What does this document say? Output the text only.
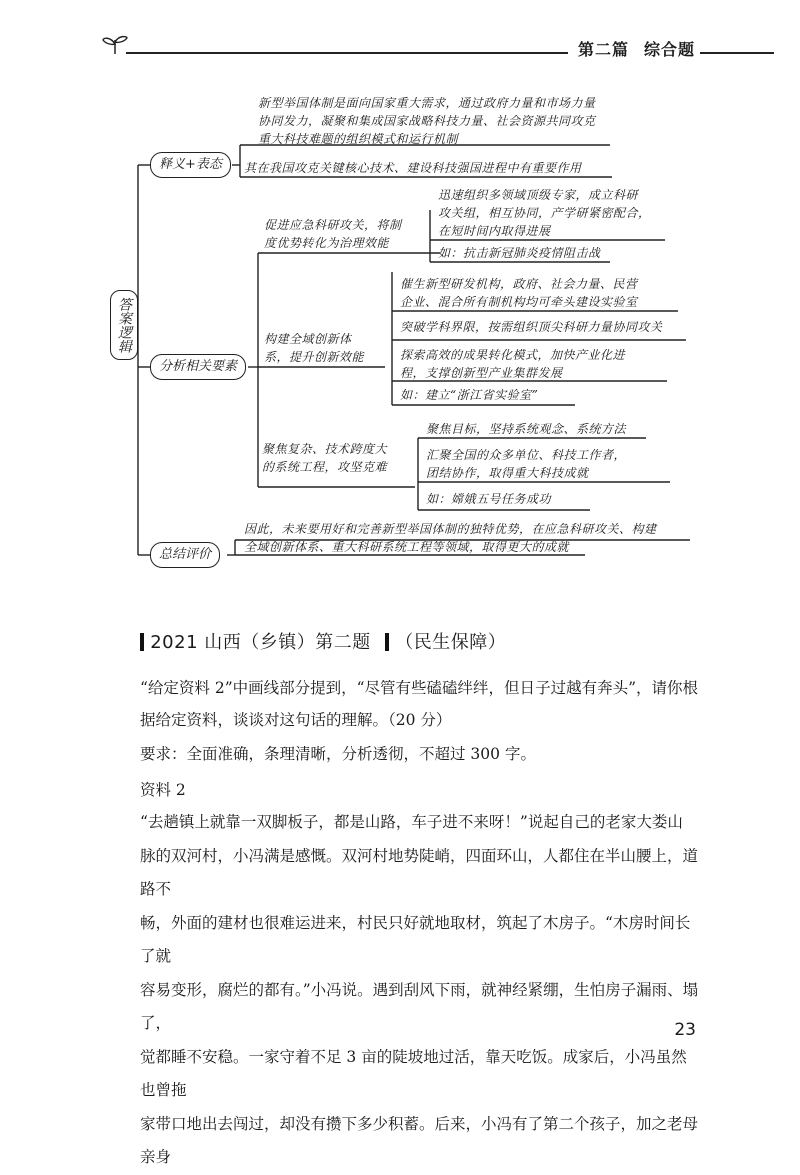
第二篇 综合题
答案逻辑
释义+表态
新型举国体制是面向国家重大需求，通过政府力量和市场力量
协同发力，凝聚和集成国家战略科技力量、社会资源共同攻克
重大科技难题的组织模式和运行机制
其在我国攻克关键核心技术、建设科技强国进程中有重要作用
分析相关要素
促进应急科研攻关，将制
度优势转化为治理效能
迅速组织多领域顶级专家，成立科研
攻关组，相互协同，产学研紧密配合，
在短时间内取得进展
如：抗击新冠肺炎疫情阻击战
构建全域创新体
系，提升创新效能
催生新型研发机构，政府、社会力量、民营
企业、混合所有制机构均可牵头建设实验室
突破学科界限，按需组织顶尖科研力量协同攻关
探索高效的成果转化模式，加快产业化进
程，支撑创新型产业集群发展
如：建立“浙江省实验室”
聚焦复杂、技术跨度大
的系统工程，攻坚克难
聚焦目标，坚持系统观念、系统方法
汇聚全国的众多单位、科技工作者，
团结协作，取得重大科技成就
如：嫦娥五号任务成功
总结评价
因此，未来要用好和完善新型举国体制的独特优势，在应急科研攻关、构建
全域创新体系、重大科研系统工程等领域，取得更大的成就
2021 山西（乡镇）第二题 （民生保障）
“给定资料 2”中画线部分提到，“尽管有些磕磕绊绊，但日子过越有奔头”，请你根
据给定资料，谈谈对这句话的理解。（20 分）
要求：全面准确，条理清晰，分析透彻，不超过 300 字。
资料 2
“去趟镇上就靠一双脚板子，都是山路，车子进不来呀！”说起自己的老家大娄山
脉的双河村，小冯满是感慨。双河村地势陡峭，四面环山，人都住在半山腰上，道路不
畅，外面的建材也很难运进来，村民只好就地取材，筑起了木房子。“木房时间长了就
容易变形，腐烂的都有。”小冯说。遇到刮风下雨，就神经紧绷，生怕房子漏雨、塌了，
觉都睡不安稳。一家守着不足 3 亩的陡坡地过活，靠天吃饭。成家后，小冯虽然也曾拖
家带口地出去闯过，却没有攒下多少积蓄。后来，小冯有了第二个孩子，加之老母亲身
23
